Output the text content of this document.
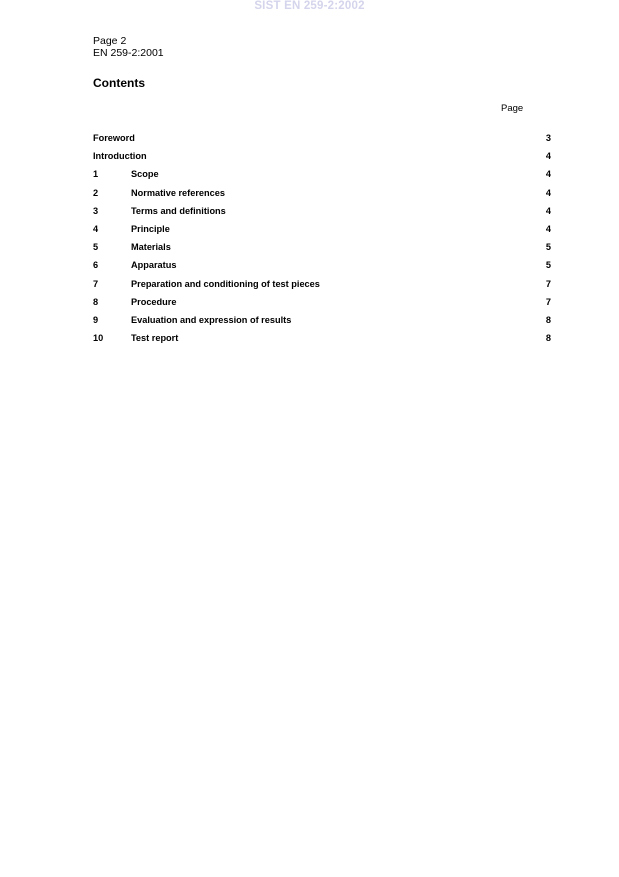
SIST EN 259-2:2002
Page 2
EN 259-2:2001
Contents
Page
Foreword	3
Introduction	4
1	Scope	4
2	Normative references	4
3	Terms and definitions	4
4	Principle	4
5	Materials	5
6	Apparatus	5
7	Preparation and conditioning of test pieces	7
8	Procedure	7
9	Evaluation and expression of results	8
10	Test report	8
